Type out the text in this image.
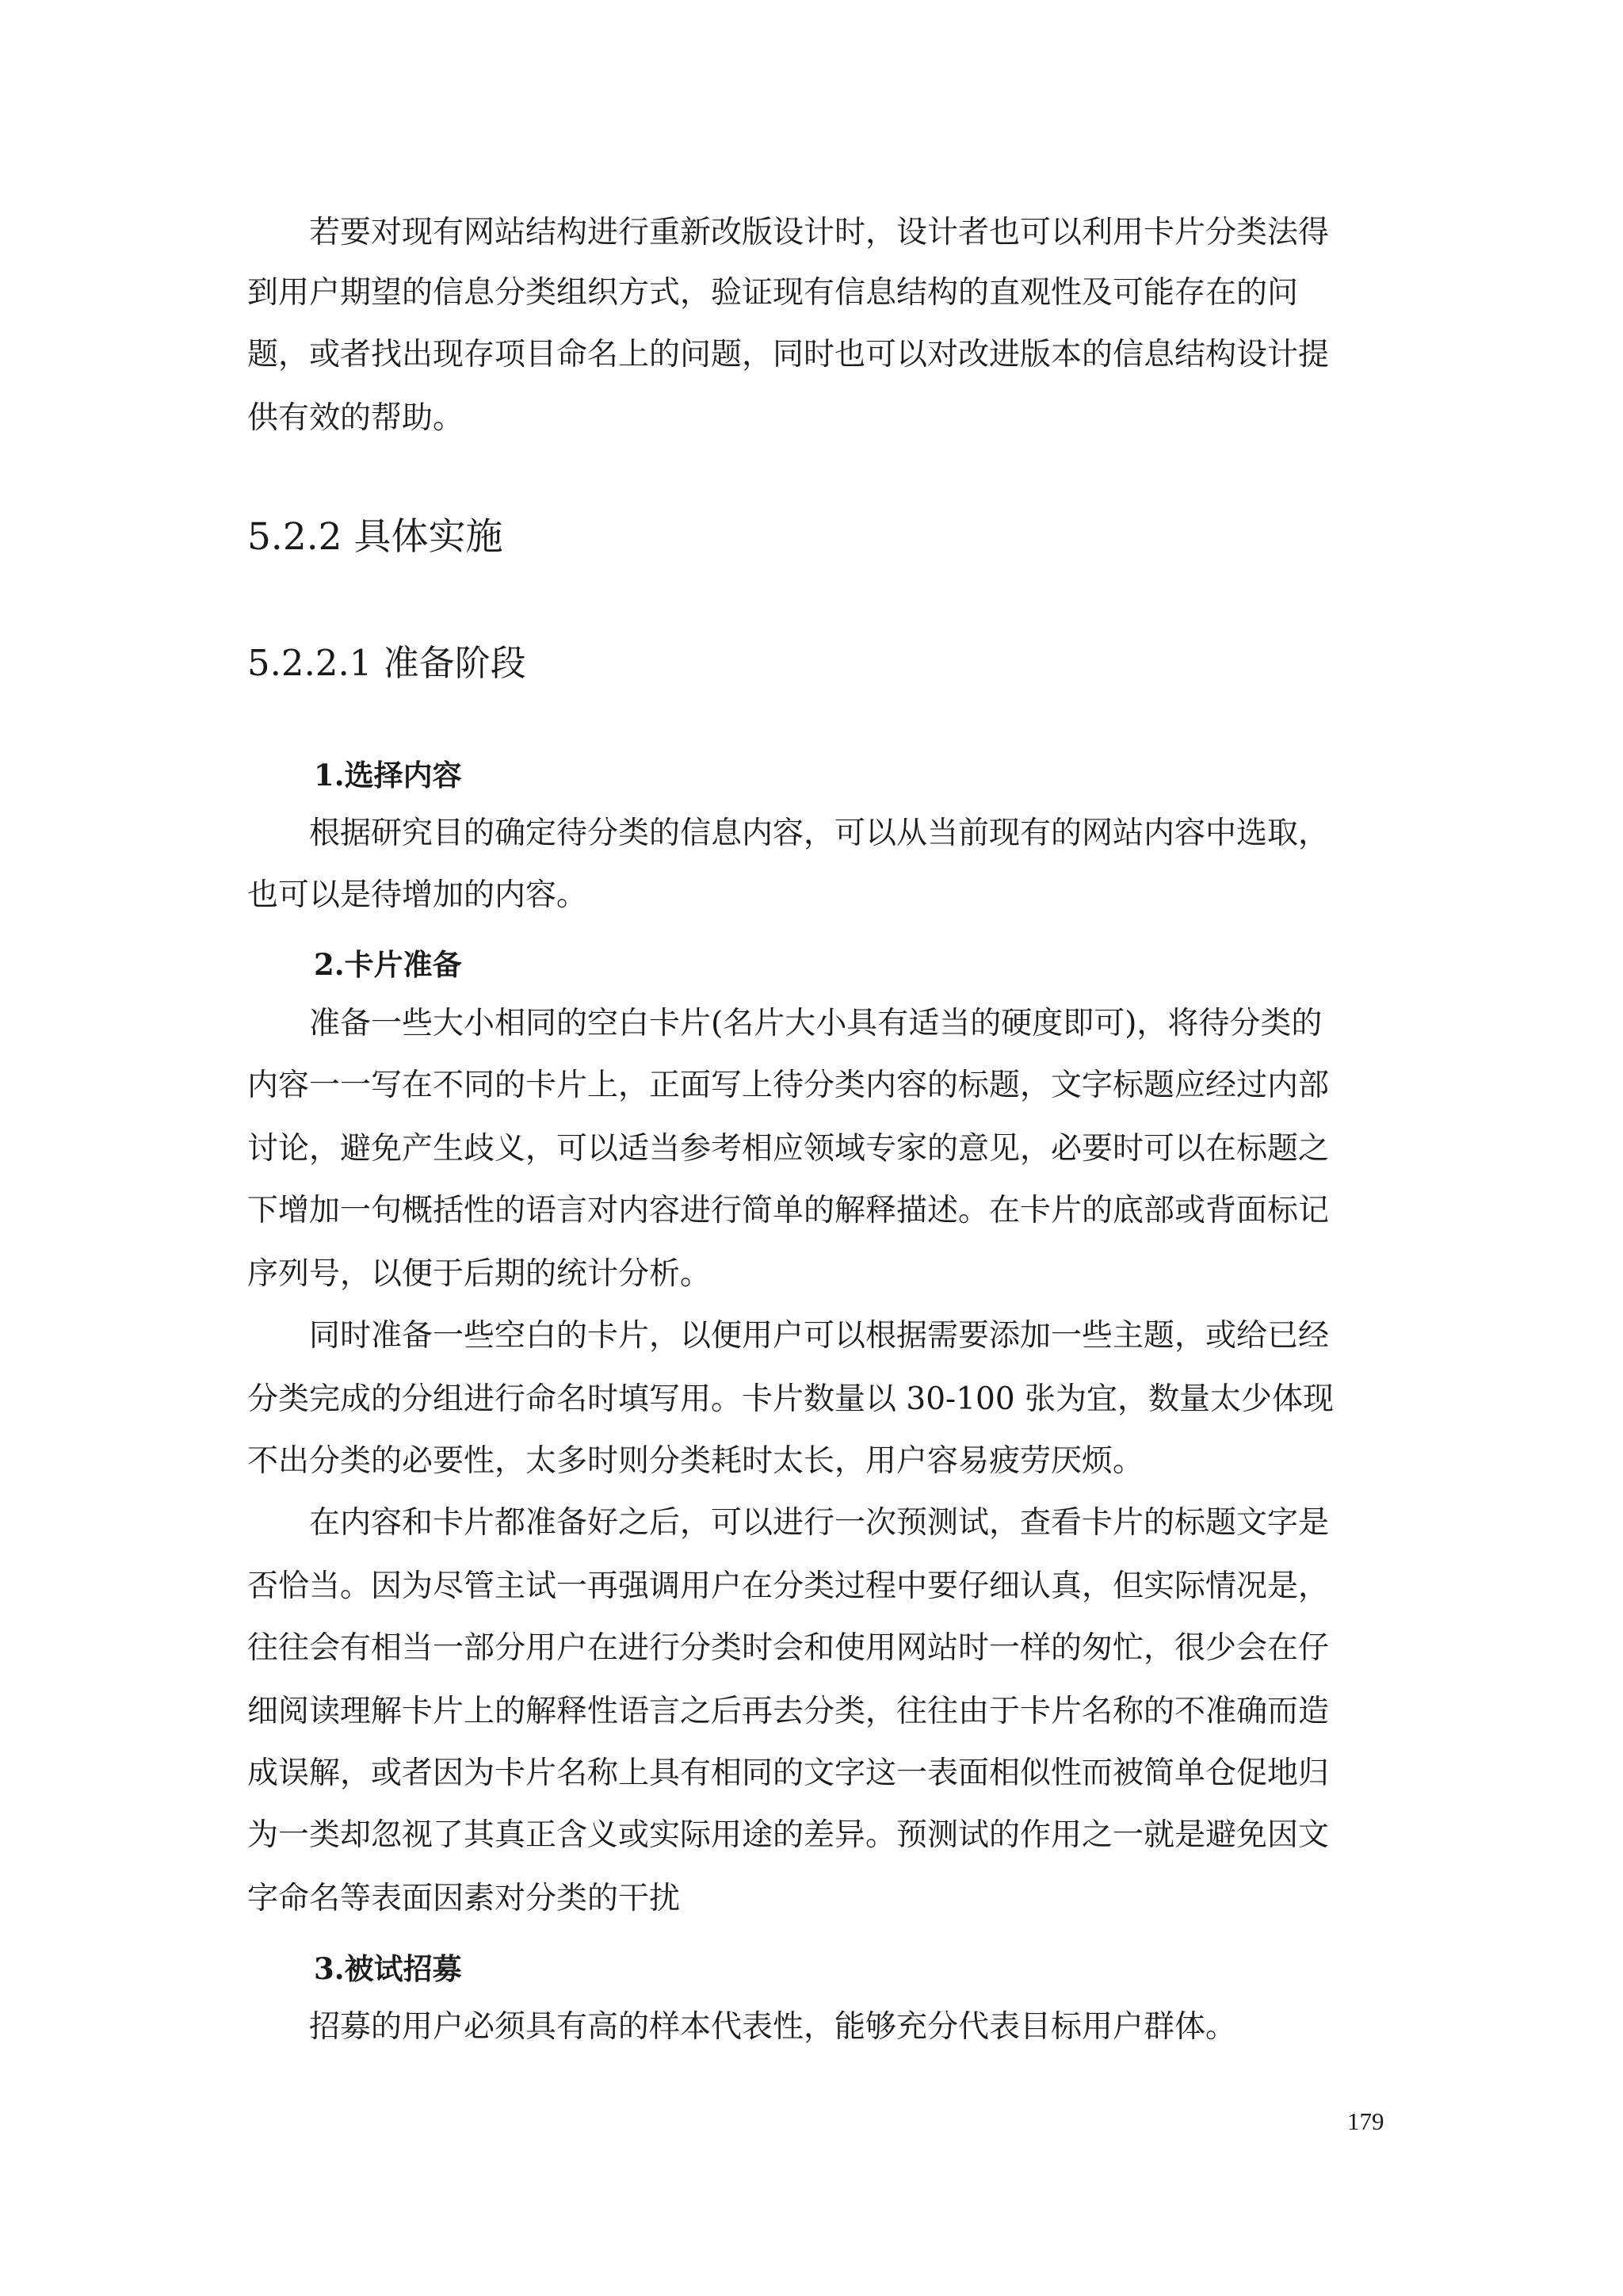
若要对现有网站结构进行重新改版设计时，设计者也可以利用卡片分类法得
到用户期望的信息分类组织方式，验证现有信息结构的直观性及可能存在的问
题，或者找出现存项目命名上的问题，同时也可以对改进版本的信息结构设计提
供有效的帮助。
5.2.2 具体实施
5.2.2.1 准备阶段
1.选择内容
根据研究目的确定待分类的信息内容，可以从当前现有的网站内容中选取，
也可以是待增加的内容。
2.卡片准备
准备一些大小相同的空白卡片(名片大小具有适当的硬度即可)，将待分类的
内容一一写在不同的卡片上，正面写上待分类内容的标题，文字标题应经过内部
讨论，避免产生歧义，可以适当参考相应领域专家的意见，必要时可以在标题之
下增加一句概括性的语言对内容进行简单的解释描述。在卡片的底部或背面标记
序列号，以便于后期的统计分析。
同时准备一些空白的卡片，以便用户可以根据需要添加一些主题，或给已经
分类完成的分组进行命名时填写用。卡片数量以 30-100 张为宜，数量太少体现
不出分类的必要性，太多时则分类耗时太长，用户容易疲劳厌烦。
在内容和卡片都准备好之后，可以进行一次预测试，查看卡片的标题文字是
否恰当。因为尽管主试一再强调用户在分类过程中要仔细认真，但实际情况是，
往往会有相当一部分用户在进行分类时会和使用网站时一样的匆忙，很少会在仔
细阅读理解卡片上的解释性语言之后再去分类，往往由于卡片名称的不准确而造
成误解，或者因为卡片名称上具有相同的文字这一表面相似性而被简单仓促地归
为一类却忽视了其真正含义或实际用途的差异。预测试的作用之一就是避免因文
字命名等表面因素对分类的干扰
3.被试招募
招募的用户必须具有高的样本代表性，能够充分代表目标用户群体。
179
